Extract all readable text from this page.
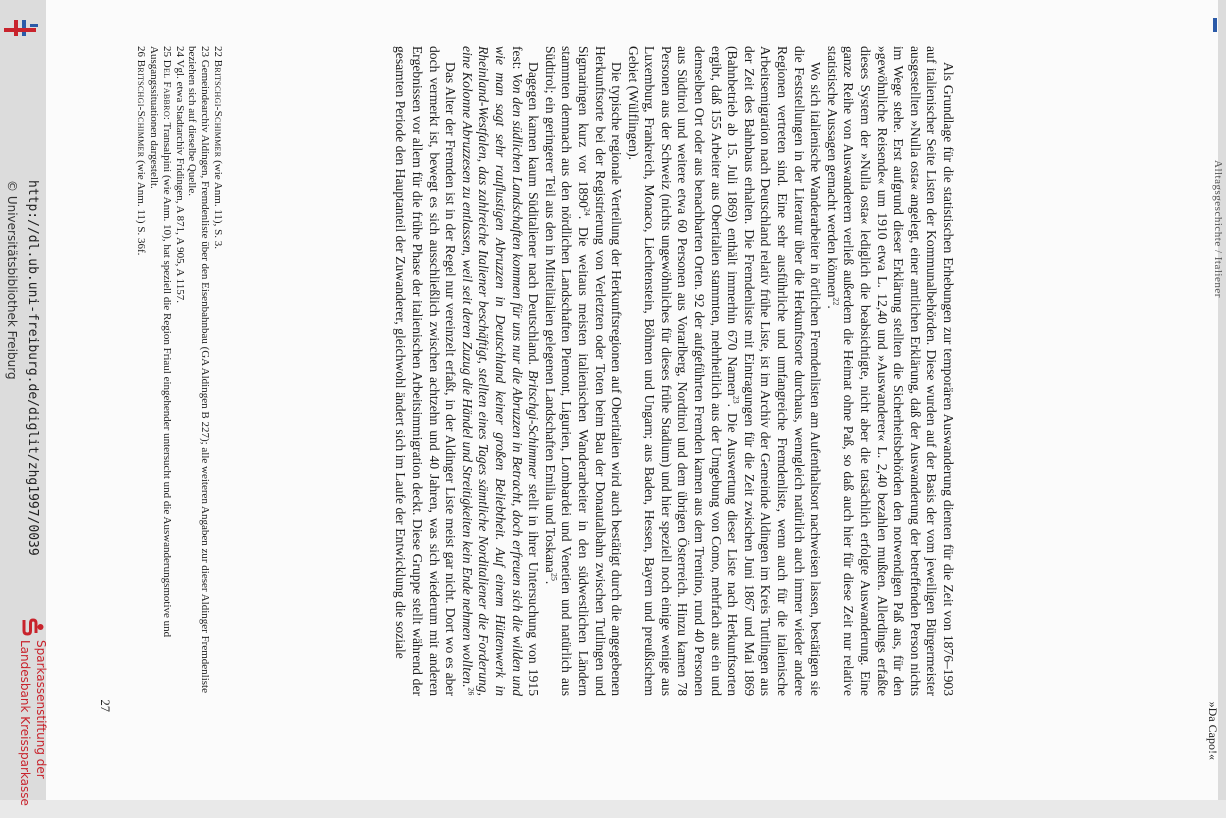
Alltagsgeschichte / Italiener
»Da Capo!«

Als Grundlage für die statistischen Erhebungen zur temporären Auswanderung dienten für die Zeit von 1876–1903 auf italienischer Seite Listen der Kommunalbehörden. Diese wurden auf der Basis der vom jeweiligen Bürgermeister ausgestellten »Nulla osta« angelegt, einer amtlichen Erklärung, daß der Auswanderung der betreffenden Person nichts im Wege stehe. Erst aufgrund dieser Erklärung stellten die Sicherheitsbehörden den notwendigen Paß aus, für den »gewöhnliche Reisende« um 1910 etwa L. 12,40 und »Auswanderer« L. 2,40 bezahlen mußten. Allerdings erfaßte dieses System der »Nulla osta« lediglich die beabsichtigte, nicht aber die tatsächlich erfolgte Auswanderung. Eine ganze Reihe von Auswanderern verließ außerdem die Heimat ohne Paß, so daß auch hier für diese Zeit nur relative statistische Aussagen gemacht werden können$^{22}$.

Wo sich italienische Wanderarbeiter in örtlichen Fremdenlisten am Aufenthaltsort nachweisen lassen, bestätigen sie die Feststellungen in der Literatur über die Herkunftsorte durchaus, wenngleich natürlich auch immer wieder andere Regionen vertreten sind. Eine sehr ausführliche und umfangreiche Fremdenliste, wenn auch für die italienische Arbeitsemigration nach Deutschland relativ frühe Liste, ist im Archiv der Gemeinde Aldingen im Kreis Tuttlingen aus der Zeit des Bahnbaus erhalten. Die Fremdenliste mit Eintragungen für die Zeit zwischen Juni 1867 und Mai 1869 (Bahnbetrieb ab 15. Juli 1869) enthält immerhin 670 Namen$^{23}$. Die Auswertung dieser Liste nach Herkunftsorten ergibt, daß 155 Arbeiter aus Oberitalien stammten, mehrheitlich aus der Umgebung von Como, mehrfach aus ein und demselben Ort oder aus benachbarten Orten. 92 der aufgeführten Fremden kamen aus dem Trentino, rund 40 Personen aus Südtirol und weitere etwa 60 Personen aus Vorarlberg, Nordtirol und dem übrigen Österreich. Hinzu kamen 78 Personen aus der Schweiz (nichts ungewöhnliches für dieses frühe Stadium) und hier speziell noch einige wenige aus Luxemburg, Frankreich, Monaco, Liechtenstein, Böhmen und Ungarn; aus Baden, Hessen, Bayern und preußischem Gebiet (Wülflingen).

Die typische regionale Verteilung der Herkunftsregionen auf Oberitalien wird auch bestätigt durch die angegebenen Herkunftsorte bei der Registrierung von Verletzten oder Toten beim Bau der Donautalbahn zwischen Tutlingen und Sigmaringen kurz vor 1890$^{24}$. Die weitaus meisten italienischen Wanderarbeiter in den südwestlichen Ländern stammten demnach aus den nördlichen Landschaften Piemont, Ligurien, Lombardei und Venetien und natürlich aus Südtirol; ein geringerer Teil aus den in Mittelitalien gelegenen Landschaften Emilia und Toskana$^{25}$.

Dagegen kamen kaum Süditaliener nach Deutschland. Britschgi-Schimmer stellt in ihrer Untersuchung von 1915 fest: Von den südlichen Landschaften kommen für uns nur die Abruzzen in Betracht, doch erfreuen sich die wilden und wie man sagt sehr rauflustigen Abruzzen in Deutschland keiner großen Beliebtheit. Auf einem Hüttenwerk in Rheinland-Westfalen, das zahlreiche Italiener beschäftigt, stellten eines Tages sämtliche Norditaliener die Forderung, eine Kolonne Abruzzesen zu entlassen, weil seit deren Zuzug die Händel und Streitigkeiten kein Ende nehmen wollten.$^{26}$

Das Alter der Fremden ist in der Regel nur vereinzelt erfaßt, in der Aldinger Liste meist gar nicht. Dort wo es aber doch vermerkt ist, bewegt es sich ausschließlich zwischen achtzehn und 40 Jahren, was sich wiederum mit anderen Ergebnissen vor allem für die frühe Phase der italienischen Arbeitsimmigration deckt. Diese Gruppe stellt während der gesamten Periode den Hauptanteil der Zuwanderer, gleichwohl ändert sich im Laufe der Entwicklung die soziale

22 Britschgi-Schimmer (wie Anm. 11), S. 3.

23 Gemeindearchiv Aldingen, Fremdenliste über den Eisenbahnbau (GA Aldingen B 227); alle weiteren Angaben zur dieser Aldinger Fremdenliste beziehen sich auf dieselbe Quelle.

24 Vgl. etwa Stadtarchiv Fridingen, A 871, A 905, A 1157.

25 Del Fabbro: Transalpini (wie Anm. 10), hat speziell die Region Friaul eingehender untersucht und die Auswanderungsmotive und Ausgangssituationen dargestellt.

26 Britschgi-Schimmer (wie Anm. 11) S. 36f.

27
http://dl.ub.uni-freiburg.de/diglit/zhg1997/0039
© Universitätsbibliothek Freiburg
Sparkassenstiftung der
Landesbank Kreissparkasse
